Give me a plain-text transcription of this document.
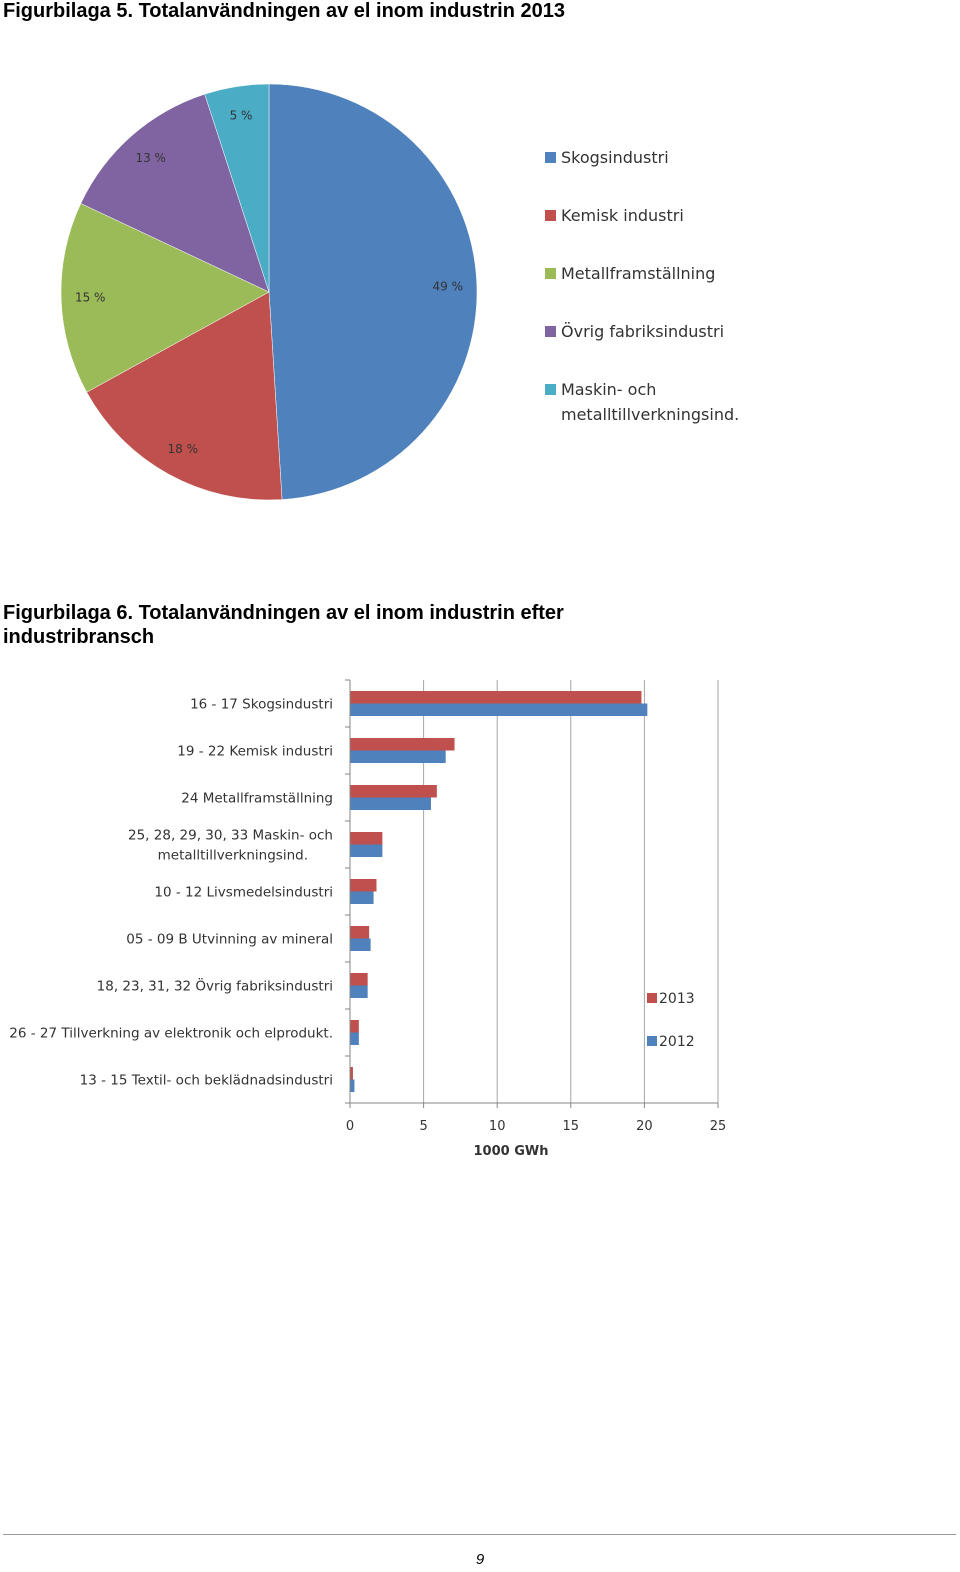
Figurbilaga 5. Totalanvändningen av el inom industrin 2013
49 %
18 %
15 %
13 %
5 %
Skogsindustri
Kemisk industri
Metallframställning
Övrig fabriksindustri
Maskin- och
metalltillverkningsind.
Figurbilaga 6. Totalanvändningen av el inom industrin efter industribransch
16 - 17 Skogsindustri
19 - 22 Kemisk industri
24 Metallframställning
25, 28, 29, 30, 33 Maskin- och
metalltillverkningsind.
10 - 12 Livsmedelsindustri
05 - 09 B Utvinning av mineral
18, 23, 31, 32 Övrig fabriksindustri
26 - 27 Tillverkning av elektronik och elprodukt.
13 - 15 Textil- och beklädnadsindustri
0	5	10	15	20	25
1000 GWh
2013
2012
9
